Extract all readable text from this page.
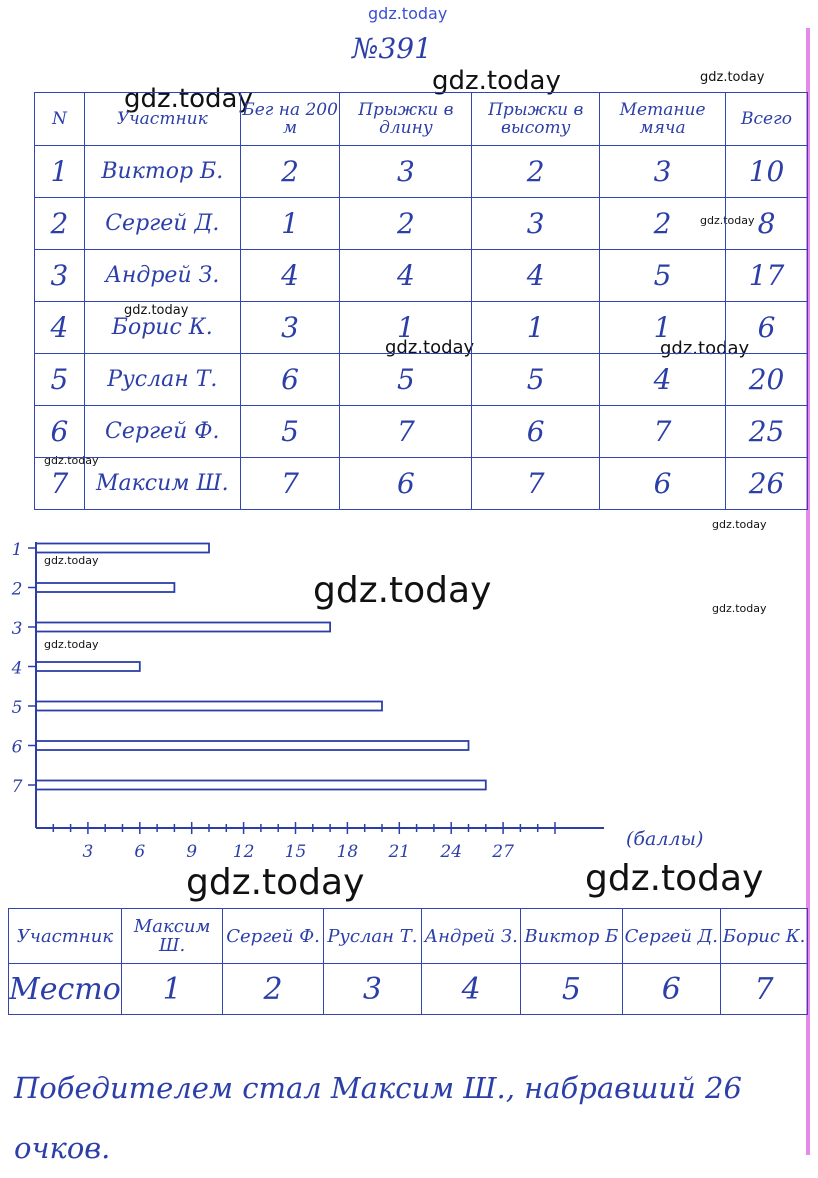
gdz.today
gdz.today	gdz.today
gdz.today
gdz.today
gdz.today
gdz.today	gdz.today
gdz.today
gdz.today
gdz.today
gdz.today	gdz.today
gdz.today
gdz.today	gdz.today
№391
N	Участник	Бег на 200 м	Прыжки в длину	Прыжки в высоту	Метание мяча	Всего
1	Виктор Б.	2	3	2	3	10
2	Сергей Д.	1	2	3	2	8
3	Андрей З.	4	4	4	5	17
4	Борис К.	3	1	1	1	6
5	Руслан Т.	6	5	5	4	20
6	Сергей Ф.	5	7	6	7	25
7	Максим Ш.	7	6	7	6	26
3 6 9 12 15 18 21 24 27
1
2
3
4
5
6
7
(баллы)
Участник	Максим Ш.	Сергей Ф.	Руслан Т.	Андрей З.	Виктор Б	Сергей Д.	Борис К.
Место	1	2	3	4	5	6	7
Победителем стал Максим Ш., набравший 26 очков.
